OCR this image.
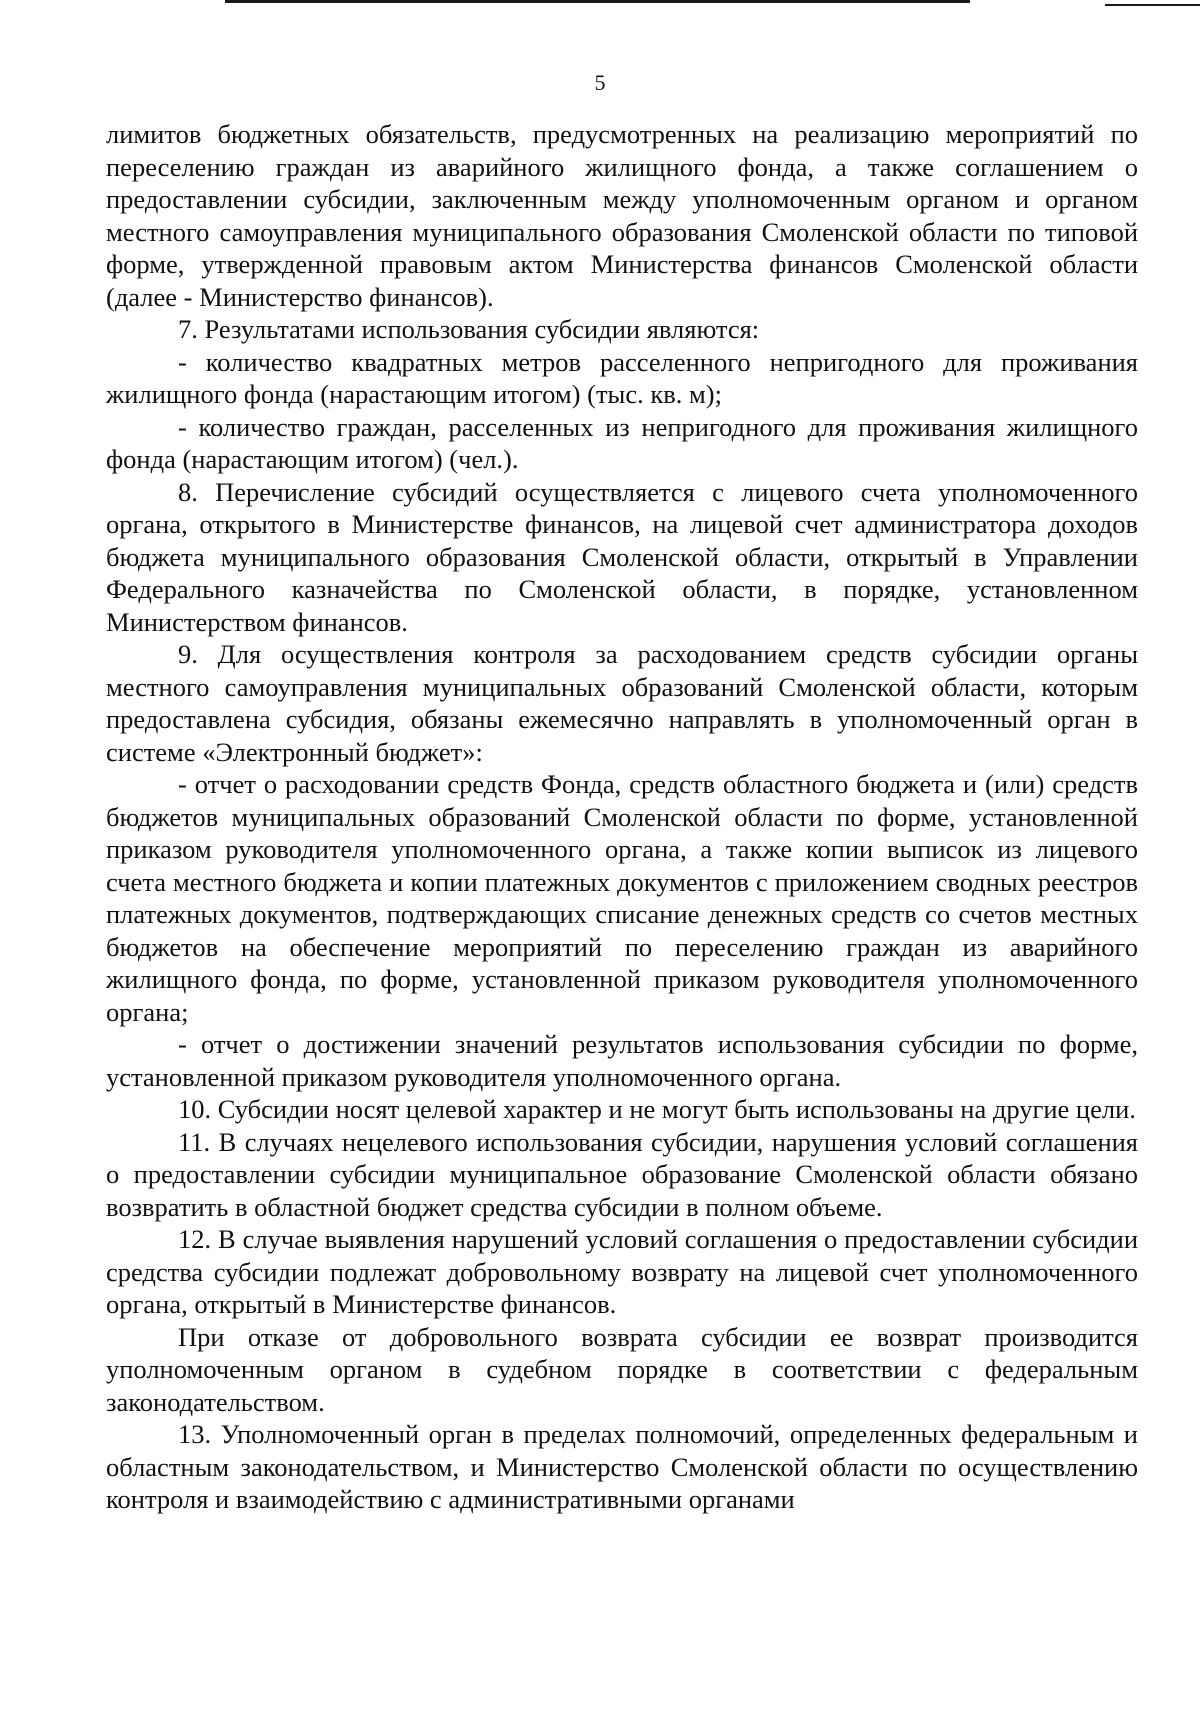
5

лимитов бюджетных обязательств, предусмотренных на реализацию мероприятий по переселению граждан из аварийного жилищного фонда, а также соглашением о предоставлении субсидии, заключенным между уполномоченным органом и органом местного самоуправления муниципального образования Смоленской области по типовой форме, утвержденной правовым актом Министерства финансов Смоленской области (далее - Министерство финансов).

7. Результатами использования субсидии являются:

- количество квадратных метров расселенного непригодного для проживания жилищного фонда (нарастающим итогом) (тыс. кв. м);

- количество граждан, расселенных из непригодного для проживания жилищного фонда (нарастающим итогом) (чел.).

8. Перечисление субсидий осуществляется с лицевого счета уполномоченного органа, открытого в Министерстве финансов, на лицевой счет администратора доходов бюджета муниципального образования Смоленской области, открытый в Управлении Федерального казначейства по Смоленской области, в порядке, установленном Министерством финансов.

9. Для осуществления контроля за расходованием средств субсидии органы местного самоуправления муниципальных образований Смоленской области, которым предоставлена субсидия, обязаны ежемесячно направлять в уполномоченный орган в системе «Электронный бюджет»:

- отчет о расходовании средств Фонда, средств областного бюджета и (или) средств бюджетов муниципальных образований Смоленской области по форме, установленной приказом руководителя уполномоченного органа, а также копии выписок из лицевого счета местного бюджета и копии платежных документов с приложением сводных реестров платежных документов, подтверждающих списание денежных средств со счетов местных бюджетов на обеспечение мероприятий по переселению граждан из аварийного жилищного фонда, по форме, установленной приказом руководителя уполномоченного органа;

- отчет о достижении значений результатов использования субсидии по форме, установленной приказом руководителя уполномоченного органа.

10. Субсидии носят целевой характер и не могут быть использованы на другие цели.

11. В случаях нецелевого использования субсидии, нарушения условий соглашения о предоставлении субсидии муниципальное образование Смоленской области обязано возвратить в областной бюджет средства субсидии в полном объеме.

12. В случае выявления нарушений условий соглашения о предоставлении субсидии средства субсидии подлежат добровольному возврату на лицевой счет уполномоченного органа, открытый в Министерстве финансов.

При отказе от добровольного возврата субсидии ее возврат производится уполномоченным органом в судебном порядке в соответствии с федеральным законодательством.

13. Уполномоченный орган в пределах полномочий, определенных федеральным и областным законодательством, и Министерство Смоленской области по осуществлению контроля и взаимодействию с административными органами
